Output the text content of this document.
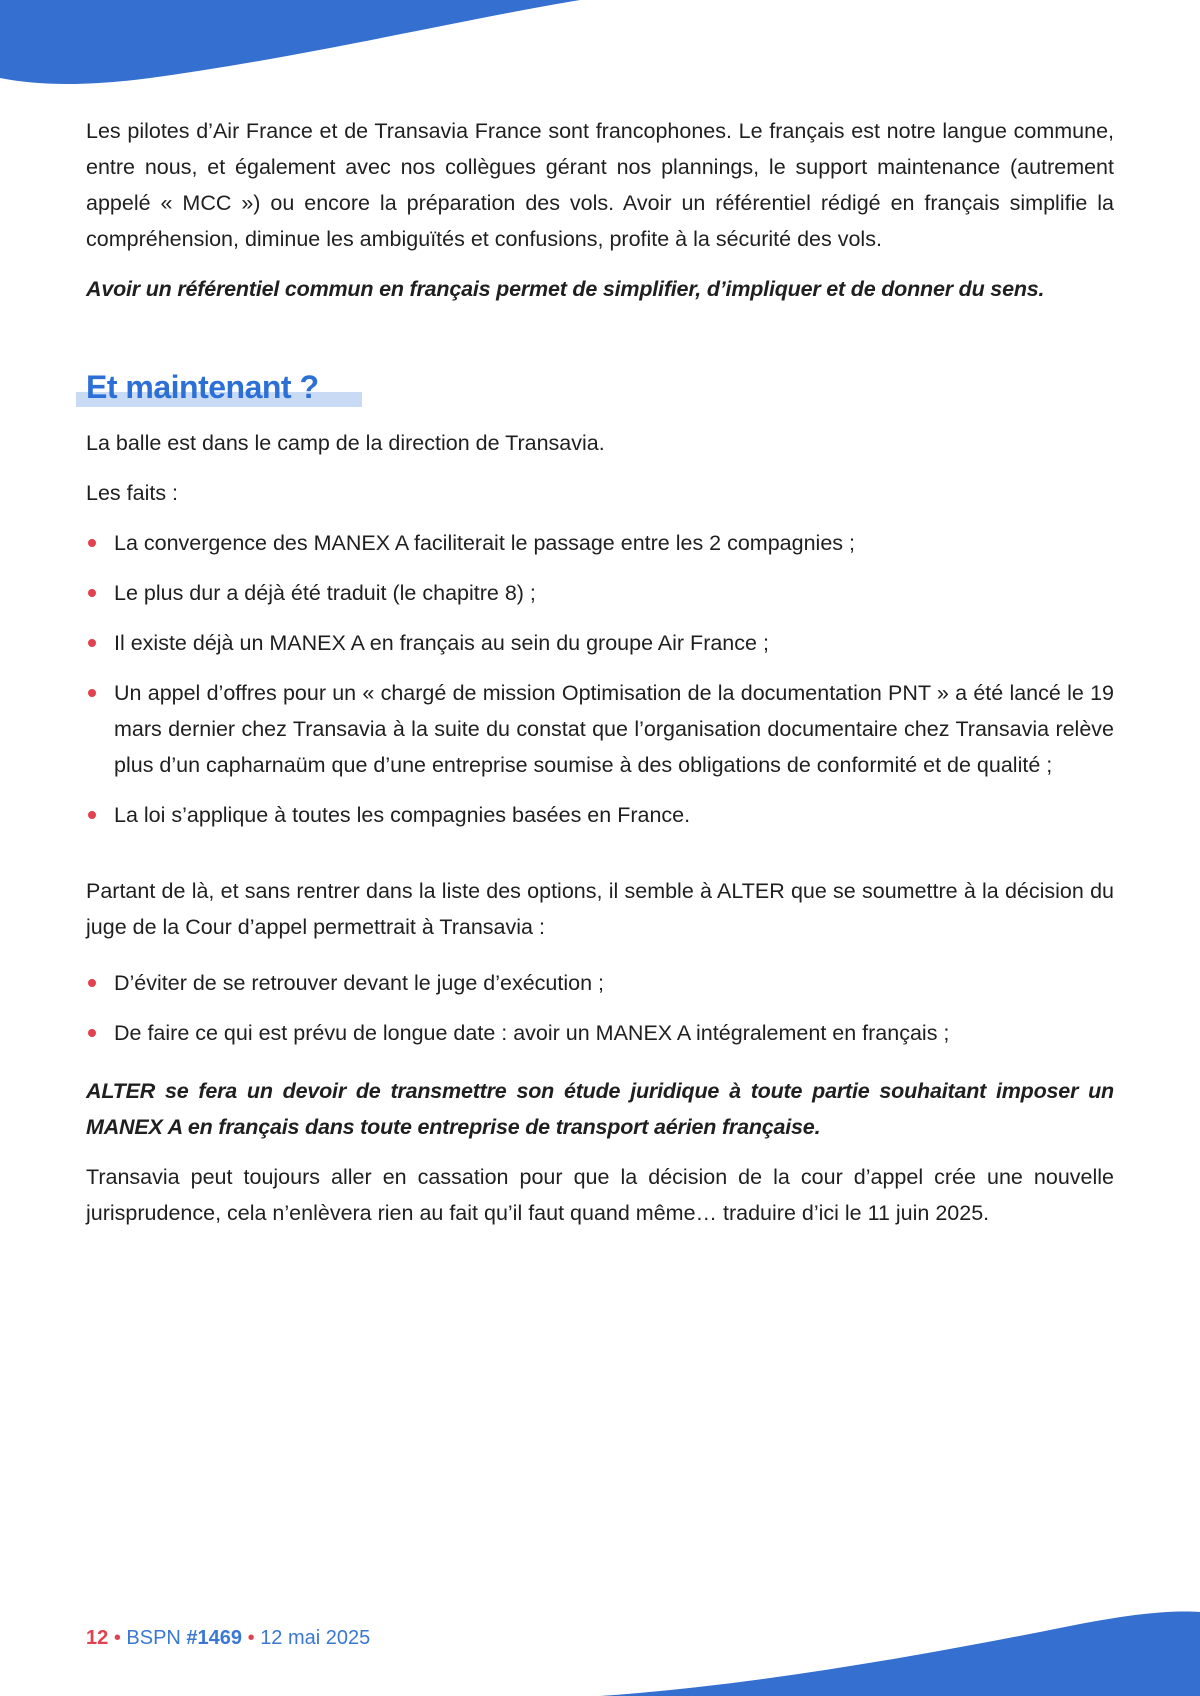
Les pilotes d’Air France et de Transavia France sont francophones. Le français est notre langue commune, entre nous, et également avec nos collègues gérant nos plannings, le support maintenance (autrement appelé « MCC ») ou encore la préparation des vols. Avoir un référentiel rédigé en français simplifie la compréhension, diminue les ambiguïtés et confusions, profite à la sécurité des vols.

Avoir un référentiel commun en français permet de simplifier, d’impliquer et de donner du sens.

Et maintenant ?

La balle est dans le camp de la direction de Transavia.

Les faits :

La convergence des MANEX A faciliterait le passage entre les 2 compagnies ;
Le plus dur a déjà été traduit (le chapitre 8) ;
Il existe déjà un MANEX A en français au sein du groupe Air France ;
Un appel d’offres pour un « chargé de mission Optimisation de la documentation PNT » a été lancé le 19 mars dernier chez Transavia à la suite du constat que l’organisation documentaire chez Transavia relève plus d’un capharnaüm que d’une entreprise soumise à des obligations de conformité et de qualité ;
La loi s’applique à toutes les compagnies basées en France.

Partant de là, et sans rentrer dans la liste des options, il semble à ALTER que se soumettre à la décision du juge de la Cour d’appel permettrait à Transavia :

D’éviter de se retrouver devant le juge d’exécution ;
De faire ce qui est prévu de longue date : avoir un MANEX A intégralement en français ;

ALTER se fera un devoir de transmettre son étude juridique à toute partie souhaitant imposer un MANEX A en français dans toute entreprise de transport aérien française.

Transavia peut toujours aller en cassation pour que la décision de la cour d’appel crée une nouvelle jurisprudence, cela n’enlèvera rien au fait qu’il faut quand même… traduire d’ici le 11 juin 2025.

12 • BSPN #1469 • 12 mai 2025
